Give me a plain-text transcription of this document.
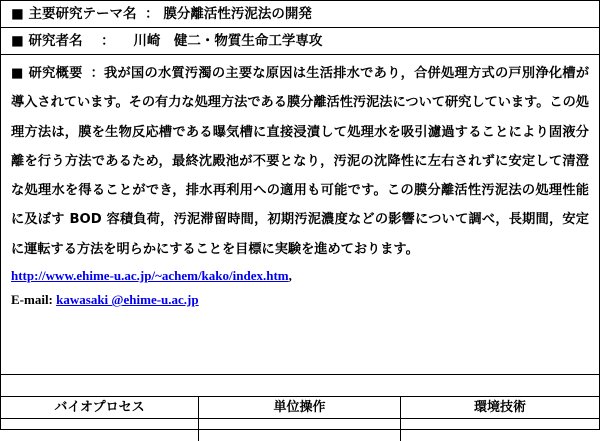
■ 主要研究テーマ名 ： 膜分離活性汚泥法の開発
■ 研究者名 ： 川崎　健二・物質生命工学専攻

■ 研究概要 ：我が国の水質汚濁の主要な原因は生活排水であり，合併処理方式の戸別浄化槽が導入されています。その有力な処理方法である膜分離活性汚泥法について研究しています。この処理方法は，膜を生物反応槽である曝気槽に直接浸漬して処理水を吸引濾過することにより固液分離を行う方法であるため，最終沈殿池が不要となり，汚泥の沈降性に左右されずに安定して清澄な処理水を得ることができ，排水再利用への適用も可能です。この膜分離活性汚泥法の処理性能に及ぼす BOD 容積負荷，汚泥滞留時間，初期汚泥濃度などの影響について調べ，長期間，安定に運転する方法を明らかにすることを目標に実験を進めております。

http://www.ehime-u.ac.jp/~achem/kako/index.htm,

E-mail: kawasaki @ehime-u.ac.jp

バイオプロセス	単位操作	環境技術
